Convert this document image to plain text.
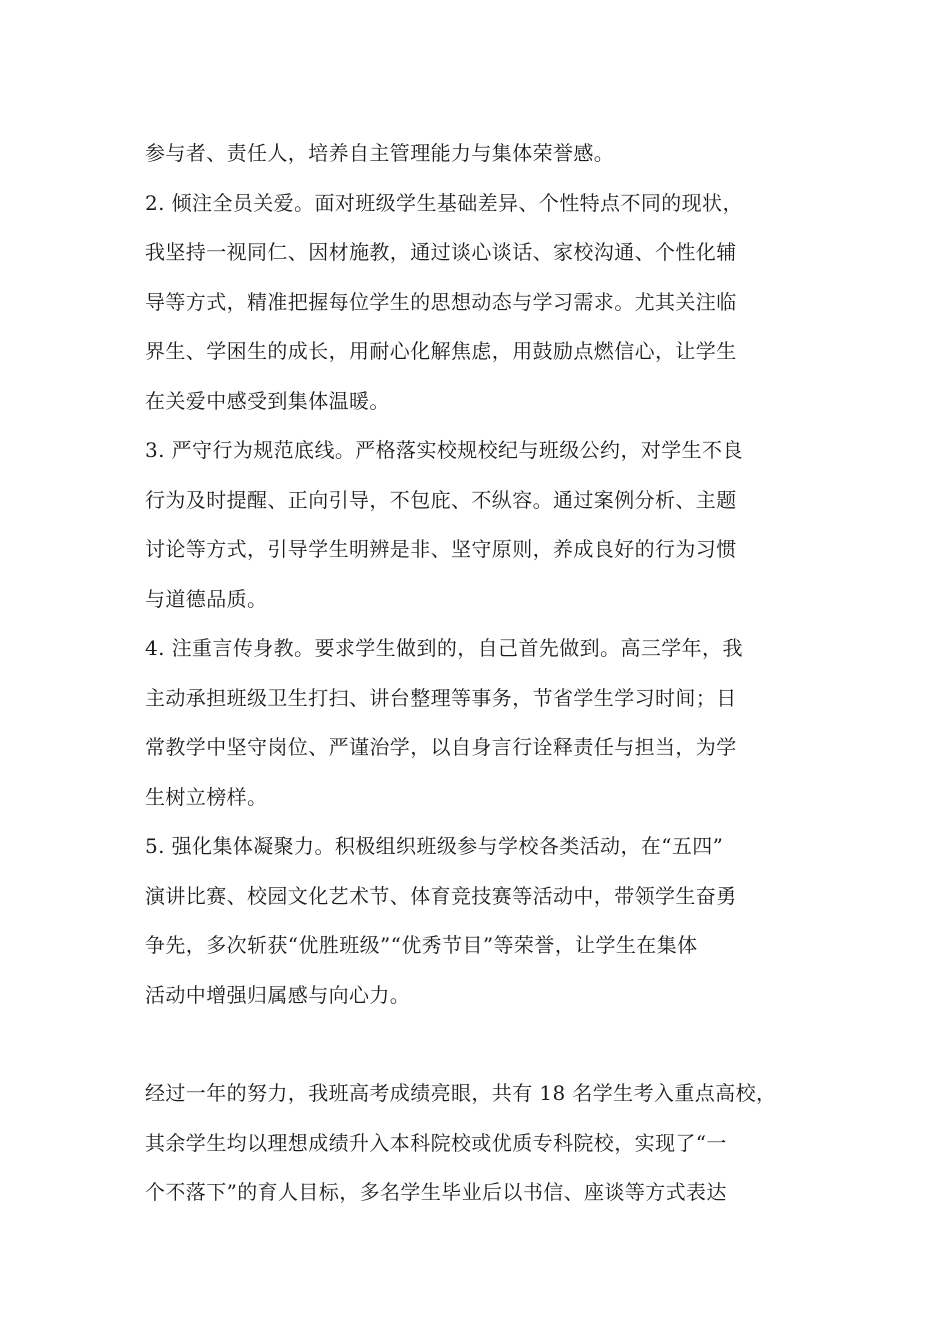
参与者、责任人，培养自主管理能力与集体荣誉感。
2. 倾注全员关爱。面对班级学生基础差异、个性特点不同的现状，
我坚持一视同仁、因材施教，通过谈心谈话、家校沟通、个性化辅
导等方式，精准把握每位学生的思想动态与学习需求。尤其关注临
界生、学困生的成长，用耐心化解焦虑，用鼓励点燃信心，让学生
在关爱中感受到集体温暖。
3. 严守行为规范底线。严格落实校规校纪与班级公约，对学生不良
行为及时提醒、正向引导，不包庇、不纵容。通过案例分析、主题
讨论等方式，引导学生明辨是非、坚守原则，养成良好的行为习惯
与道德品质。
4. 注重言传身教。要求学生做到的，自己首先做到。高三学年，我
主动承担班级卫生打扫、讲台整理等事务，节省学生学习时间；日
常教学中坚守岗位、严谨治学，以自身言行诠释责任与担当，为学
生树立榜样。
5. 强化集体凝聚力。积极组织班级参与学校各类活动，在“五四”
演讲比赛、校园文化艺术节、体育竞技赛等活动中，带领学生奋勇
争先，多次斩获“优胜班级”“优秀节目”等荣誉，让学生在集体
活动中增强归属感与向心力。
经过一年的努力，我班高考成绩亮眼，共有 18 名学生考入重点高校，
其余学生均以理想成绩升入本科院校或优质专科院校，实现了“一
个不落下”的育人目标，多名学生毕业后以书信、座谈等方式表达
